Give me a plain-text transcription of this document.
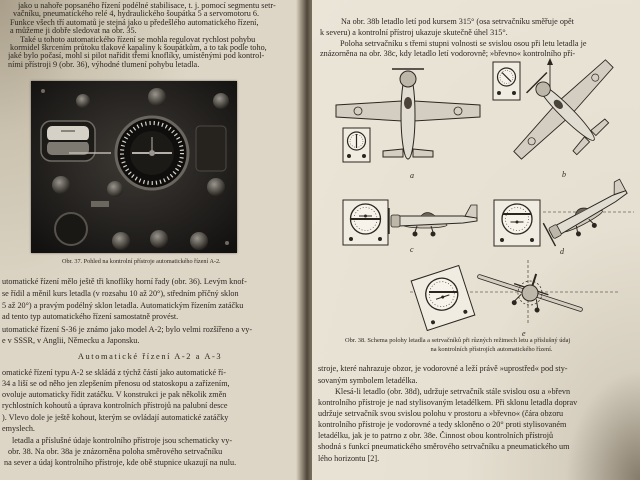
jako u nahoře popsaného řízení podélné stabilisace, t. j. pomocí segmentu setr-
vačníku, pneumatického relé 4, hydraulického šoupátka 5 a servomotoru 6.
Funkce všech tří automatů je stejná jako u předešlého automatického řízení,
a můžeme ji dobře sledovat na obr. 35.
Také u tohoto automatického řízení se mohla regulovat rychlost pohybu
kormidel škrcením průtoku tlakové kapaliny k šoupátkům, a to tak podle toho,
jaké bylo počasí, mohl si pilot nařídit třemi knoflíky, umístěnými pod kontrol-
ními přístroji 9 (obr. 36), výhodné tlumení pohybu letadla.
Obr. 37. Pohled na kontrolní přístroje automatického řízení A-2.
utomatické řízení mělo ještě tři knoflíky horní řady (obr. 36). Levým knof-
se řídil a měnil kurs letadla (v rozsahu 10 až 20°), středním příčný sklon
5 až 20°) a pravým podélný sklon letadla. Automatickým řízením zatáčku
ad tento typ automatického řízení samostatně provést.
utomatické řízení S-36 je známo jako model A-2; bylo velmi rozšířeno a vy-
e v SSSR, v Anglii, Německu a Japonsku.
Automatické řízení A-2 a A-3
omatické řízení typu A-2 se skládá z týchž částí jako automatické ří-
34 a liší se od něho jen zlepšením přenosu od statoskopu a zařízením,
ovoluje automaticky řídit zatáčku. V konstrukci je pak několik změn
rychlostních kohoutů a úprava kontrolních přístrojů na palubní desce
). Vlevo dole je ještě kohout, kterým se ovládají automatické zatáčky
emyslech.
letadla a příslušné údaje kontrolního přístroje jsou schematicky vy-
obr. 38. Na obr. 38a je znázorněna poloha směrového setrvačníku
na sever a údaj kontrolního přístroje, kde obě stupnice ukazují na nulu.
Na obr. 38b letadlo letí pod kursem 315° (osa setrvačníku směřuje opět
k severu) a kontrolní přístroj ukazuje skutečně úhel 315°.
Poloha setrvačníku s třemi stupni volnosti se svislou osou při letu letadla je
znázorněna na obr. 38c, kdy letadlo letí vodorovně; »břevno« kontrolního pří-
a	b
c	d
e
Obr. 38. Schema polohy letadla a setrvačníků při různých režimech letu a příslušný údaj
na kontrolních přístrojích automatického řízení.
stroje, které nahrazuje obzor, je vodorovné a leží právě »uprostřed« pod sty-
sovaným symbolem letadélka.
Klesá-li letadlo (obr. 38d), udržuje setrvačník stále svislou osu a »břevn
kontrolního přístroje je nad stylisovaným letadélkem. Při sklonu letadla doprav
udržuje setrvačník svou svislou polohu v prostoru a »břevno« (čára obzoru
kontrolního přístroje je vodorovné a tedy skloněno o 20° proti stylisovaném
letadélku, jak je to patrno z obr. 38e. Činnost obou kontrolních přístrojů
shodná s funkcí pneumatického směrového setrvačníku a pneumatického um
lého horizontu [2].
